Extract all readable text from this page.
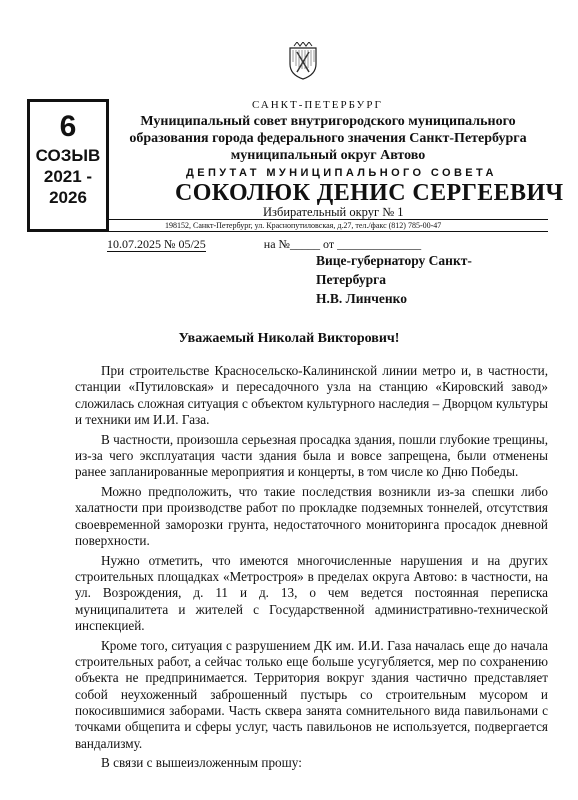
6
СОЗЫВ
2021 -
2026
САНКТ-ПЕТЕРБУРГ
Муниципальный совет внутригородского муниципального образования города федерального значения Санкт-Петербурга муниципальный округ Автово
ДЕПУТАТ МУНИЦИПАЛЬНОГО СОВЕТА
СОКОЛЮК ДЕНИС СЕРГЕЕВИЧ
Избирательный округ № 1
198152, Санкт-Петербург, ул. Краснопутиловская, д.27, тел./факс (812) 785-00-47
10.07.2025 № 05/25	на №_____ от ______________
Вице-губернатору Санкт-
Петербурга
Н.В. Линченко
Уважаемый Николай Викторович!

При строительстве Красносельско-Калининской линии метро и, в частности, станции «Путиловская» и пересадочного узла на станцию «Кировский завод» сложилась сложная ситуация с объектом культурного наследия – Дворцом культуры и техники им И.И. Газа.

В частности, произошла серьезная просадка здания, пошли глубокие трещины, из-за чего эксплуатация части здания была и вовсе запрещена, были отменены ранее запланированные мероприятия и концерты, в том числе ко Дню Победы.

Можно предположить, что такие последствия возникли из-за спешки либо халатности при производстве работ по прокладке подземных тоннелей, отсутствия своевременной заморозки грунта, недостаточного мониторинга просадок дневной поверхности.

Нужно отметить, что имеются многочисленные нарушения и на других строительных площадках «Метростроя» в пределах округа Автово: в частности, на ул. Возрождения, д. 11 и д. 13, о чем ведется постоянная переписка муниципалитета и жителей с Государственной административно-технической инспекцией.

Кроме того, ситуация с разрушением ДК им. И.И. Газа началась еще до начала строительных работ, а сейчас только еще больше усугубляется, мер по сохранению объекта не предпринимается. Территория вокруг здания частично представляет собой неухоженный заброшенный пустырь со строительным мусором и покосившимися заборами. Часть сквера занята сомнительного вида павильонами с точками общепита и сферы услуг, часть павильонов не используется, подвергается вандализму.

В связи с вышеизложенным прошу:
